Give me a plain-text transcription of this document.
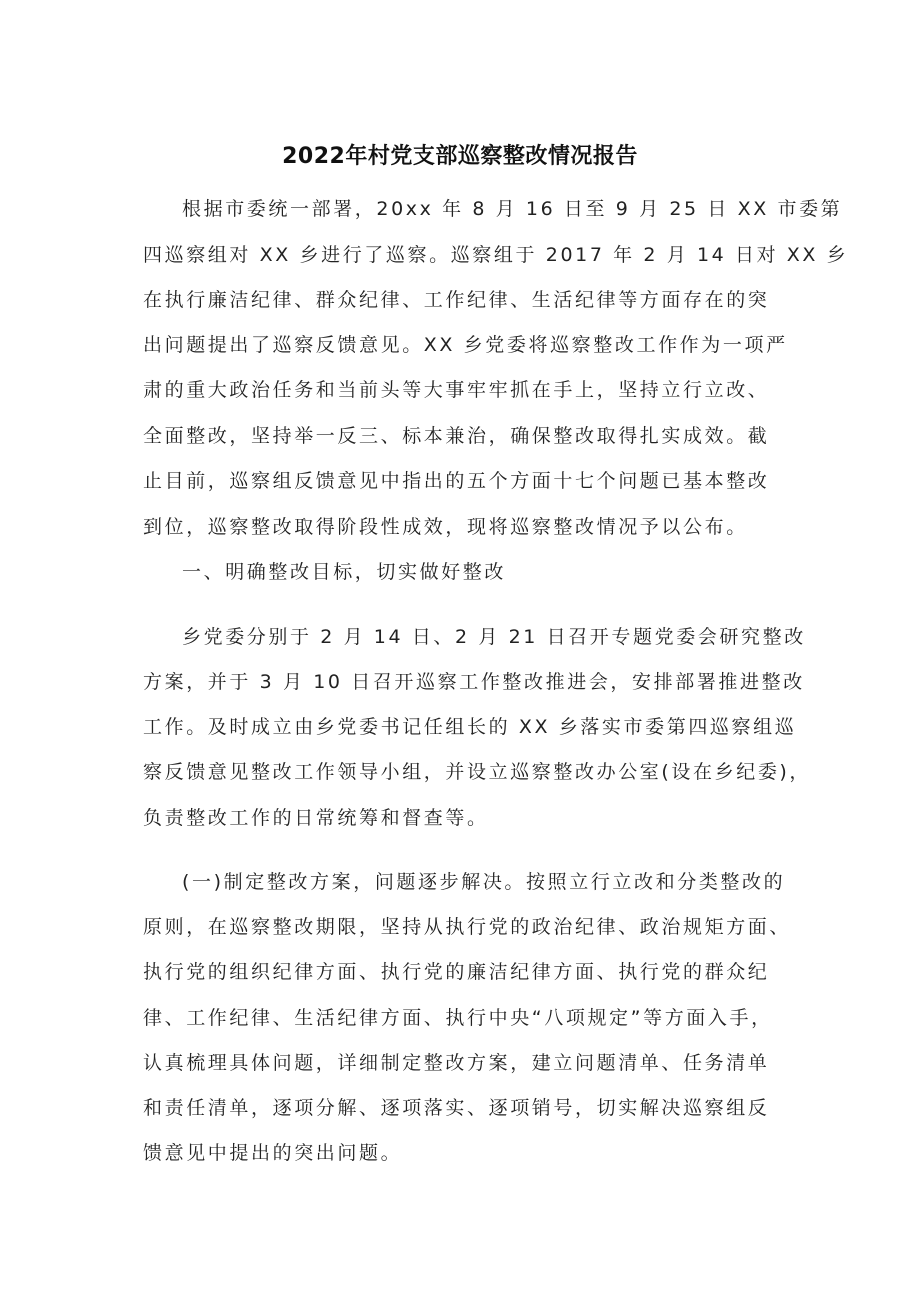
2022年村党支部巡察整改情况报告
根据市委统一部署，20xx 年 8 月 16 日至 9 月 25 日 XX 市委第
四巡察组对 XX 乡进行了巡察。巡察组于 2017 年 2 月 14 日对 XX 乡
在执行廉洁纪律、群众纪律、工作纪律、生活纪律等方面存在的突
出问题提出了巡察反馈意见。XX 乡党委将巡察整改工作作为一项严
肃的重大政治任务和当前头等大事牢牢抓在手上，坚持立行立改、
全面整改，坚持举一反三、标本兼治，确保整改取得扎实成效。截
止目前，巡察组反馈意见中指出的五个方面十七个问题已基本整改
到位，巡察整改取得阶段性成效，现将巡察整改情况予以公布。
一、明确整改目标，切实做好整改
乡党委分别于 2 月 14 日、2 月 21 日召开专题党委会研究整改
方案，并于 3 月 10 日召开巡察工作整改推进会，安排部署推进整改
工作。及时成立由乡党委书记任组长的 XX 乡落实市委第四巡察组巡
察反馈意见整改工作领导小组，并设立巡察整改办公室(设在乡纪委)，
负责整改工作的日常统筹和督查等。
(一)制定整改方案，问题逐步解决。按照立行立改和分类整改的
原则，在巡察整改期限，坚持从执行党的政治纪律、政治规矩方面、
执行党的组织纪律方面、执行党的廉洁纪律方面、执行党的群众纪
律、工作纪律、生活纪律方面、执行中央“八项规定”等方面入手，
认真梳理具体问题，详细制定整改方案，建立问题清单、任务清单
和责任清单，逐项分解、逐项落实、逐项销号，切实解决巡察组反
馈意见中提出的突出问题。
